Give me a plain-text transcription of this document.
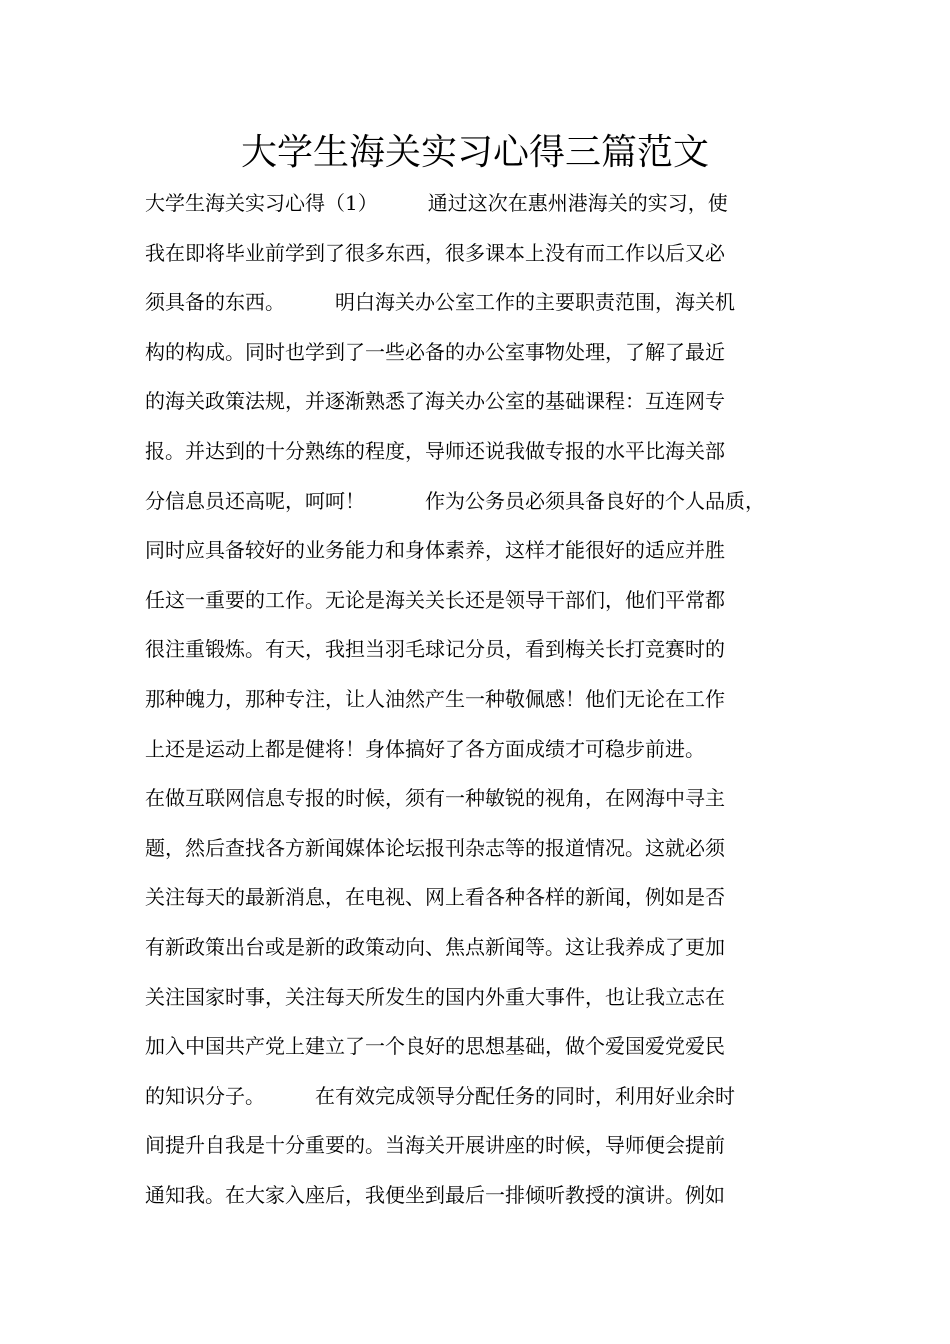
大学生海关实习心得三篇范文
大学生海关实习心得（1）　　　通过这次在惠州港海关的实习，使
我在即将毕业前学到了很多东西，很多课本上没有而工作以后又必
须具备的东西。　　　明白海关办公室工作的主要职责范围，海关机
构的构成。同时也学到了一些必备的办公室事物处理，了解了最近
的海关政策法规，并逐渐熟悉了海关办公室的基础课程：互连网专
报。并达到的十分熟练的程度，导师还说我做专报的水平比海关部
分信息员还高呢，呵呵！　　　作为公务员必须具备良好的个人品质，
同时应具备较好的业务能力和身体素养，这样才能很好的适应并胜
任这一重要的工作。无论是海关关长还是领导干部们，他们平常都
很注重锻炼。有天，我担当羽毛球记分员，看到梅关长打竞赛时的
那种魄力，那种专注，让人油然产生一种敬佩感！他们无论在工作
上还是运动上都是健将！身体搞好了各方面成绩才可稳步前进。
在做互联网信息专报的时候，须有一种敏锐的视角，在网海中寻主
题，然后查找各方新闻媒体论坛报刊杂志等的报道情况。这就必须
关注每天的最新消息，在电视、网上看各种各样的新闻，例如是否
有新政策出台或是新的政策动向、焦点新闻等。这让我养成了更加
关注国家时事，关注每天所发生的国内外重大事件，也让我立志在
加入中国共产党上建立了一个良好的思想基础，做个爱国爱党爱民
的知识分子。　　　在有效完成领导分配任务的同时，利用好业余时
间提升自我是十分重要的。当海关开展讲座的时候，导师便会提前
通知我。在大家入座后，我便坐到最后一排倾听教授的演讲。例如
